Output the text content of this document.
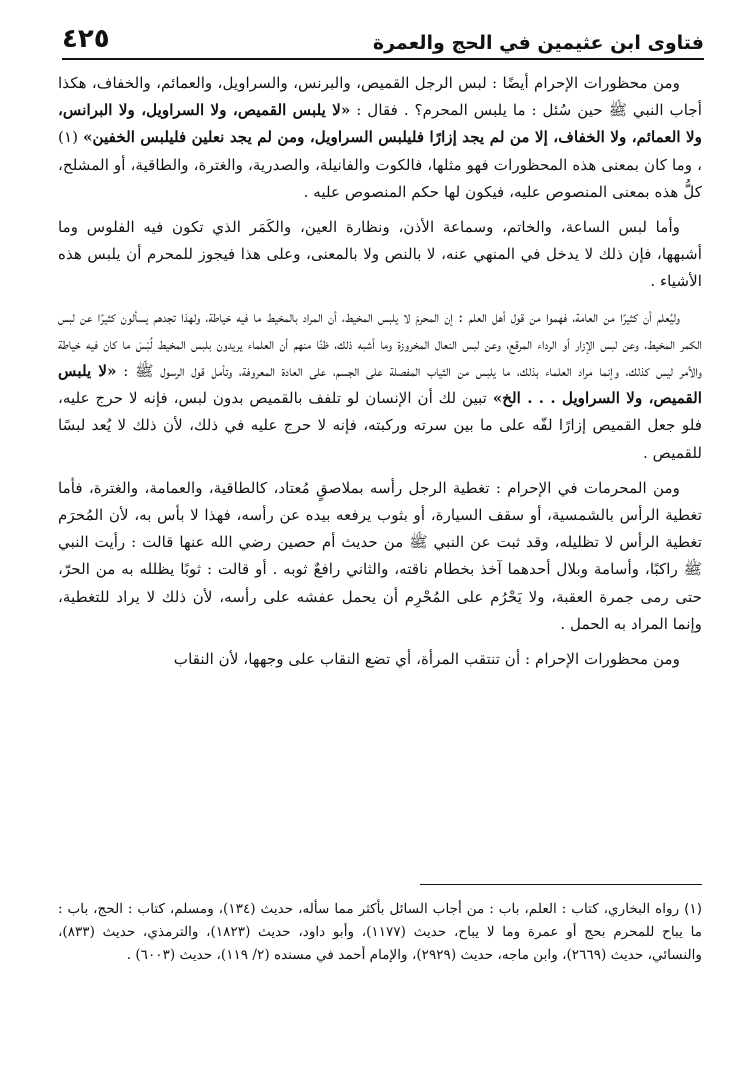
فتاوى ابن عثيمين في الحج والعمرة
٤٢٥

ومن محظورات الإحرام أيضًا : لبس الرجل القميص، والبرنس، والسراويل، والعمائم، والخفاف، هكذا أجاب النبي ﷺ حين سُئل : ما يلبس المحرم؟ . فقال : «لا يلبس القميص، ولا السراويل، ولا البرانس، ولا العمائم، ولا الخفاف، إلا من لم يجد إزارًا فليلبس السراويل، ومن لم يجد نعلين فليلبس الخفين» (١) ، وما كان بمعنى هذه المحظورات فهو مثلها، فالكوت والفانيلة، والصدرية، والغترة، والطاقية، أو المشلح، كلُّ هذه بمعنى المنصوص عليه، فيكون لها حكم المنصوص عليه .

وأما لبس الساعة، والخاتم، وسماعة الأذن، ونظارة العين، والكَمَر الذي تكون فيه الفلوس وما أشبهها، فإن ذلك لا يدخل في المنهي عنه، لا بالنص ولا بالمعنى، وعلى هذا فيجوز للمحرم أن يلبس هذه الأشياء .

وليُعلم أن كثيرًا من العامة، فهموا من قول أهل العلم : إن المحرمَ لا يلبس المخيط، أن المراد بالمخيط ما فيه خياطة، ولهذا تجدهم يسألون كثيرًا عن لبس الكمر المخيط، وعن لبس الإزار أو الرداء المرقع، وعن لبس النعال المخروزة وما أشبه ذلك، ظنًا منهم أن العلماء يريدون بلبس المخيط لُبْسَ ما كان فيه خياطة والأمر ليس كذلك، وإنما مراد العلماء بذلك، ما يلبس من الثياب المفصلة على الجسم، على العادة المعروفة، وتأمل قول الرسول ﷺ : «لا يلبس القميص، ولا السراويل . . . الخ» تبين لك أن الإنسان لو تلفف بالقميص بدون لبس، فإنه لا حرج عليه، فلو جعل القميص إزارًا لفّه على ما بين سرته وركبته، فإنه لا حرج عليه في ذلك، لأن ذلك لا يُعد لبسًا للقميص .

ومن المحرمات في الإحرام : تغطية الرجل رأسه بملاصقٍ مُعتاد، كالطاقية، والعمامة، والغترة، فأما تغطية الرأس بالشمسية، أو سقف السيارة، أو بثوب يرفعه بيده عن رأسه، فهذا لا بأس به، لأن المُحرَم تغطية الرأس لا تظليله، وقد ثبت عن النبي ﷺ من حديث أم حصين رضي الله عنها قالت : رأيت النبي ﷺ راكبًا، وأسامة وبلال أحدهما آخذ بخطام ناقته، والثاني رافعٌ ثوبه . أو قالت : ثوبًا يظلله به من الحرّ، حتى رمى جمرة العقبة، ولا يَحْرُم على المُحْرِم أن يحمل عفشه على رأسه، لأن ذلك لا يراد للتغطية، وإنما المراد به الحمل .

ومن محظورات الإحرام : أن تنتقب المرأة، أي تضع النقاب على وجهها، لأن النقاب

(١) رواه البخاري، كتاب : العلم، باب : من أجاب السائل بأكثر مما سأله، حديث (١٣٤)، ومسلم، كتاب : الحج، باب : ما يباح للمحرم بحج أو عمرة وما لا يباح، حديث (١١٧٧)، وأبو داود، حديث (١٨٢٣)، والترمذي، حديث (٨٣٣)، والنسائي، حديث (٢٦٦٩)، وابن ماجه، حديث (٢٩٢٩)، والإمام أحمد في مسنده (٢/ ١١٩)، حديث (٦٠٠٣) .
